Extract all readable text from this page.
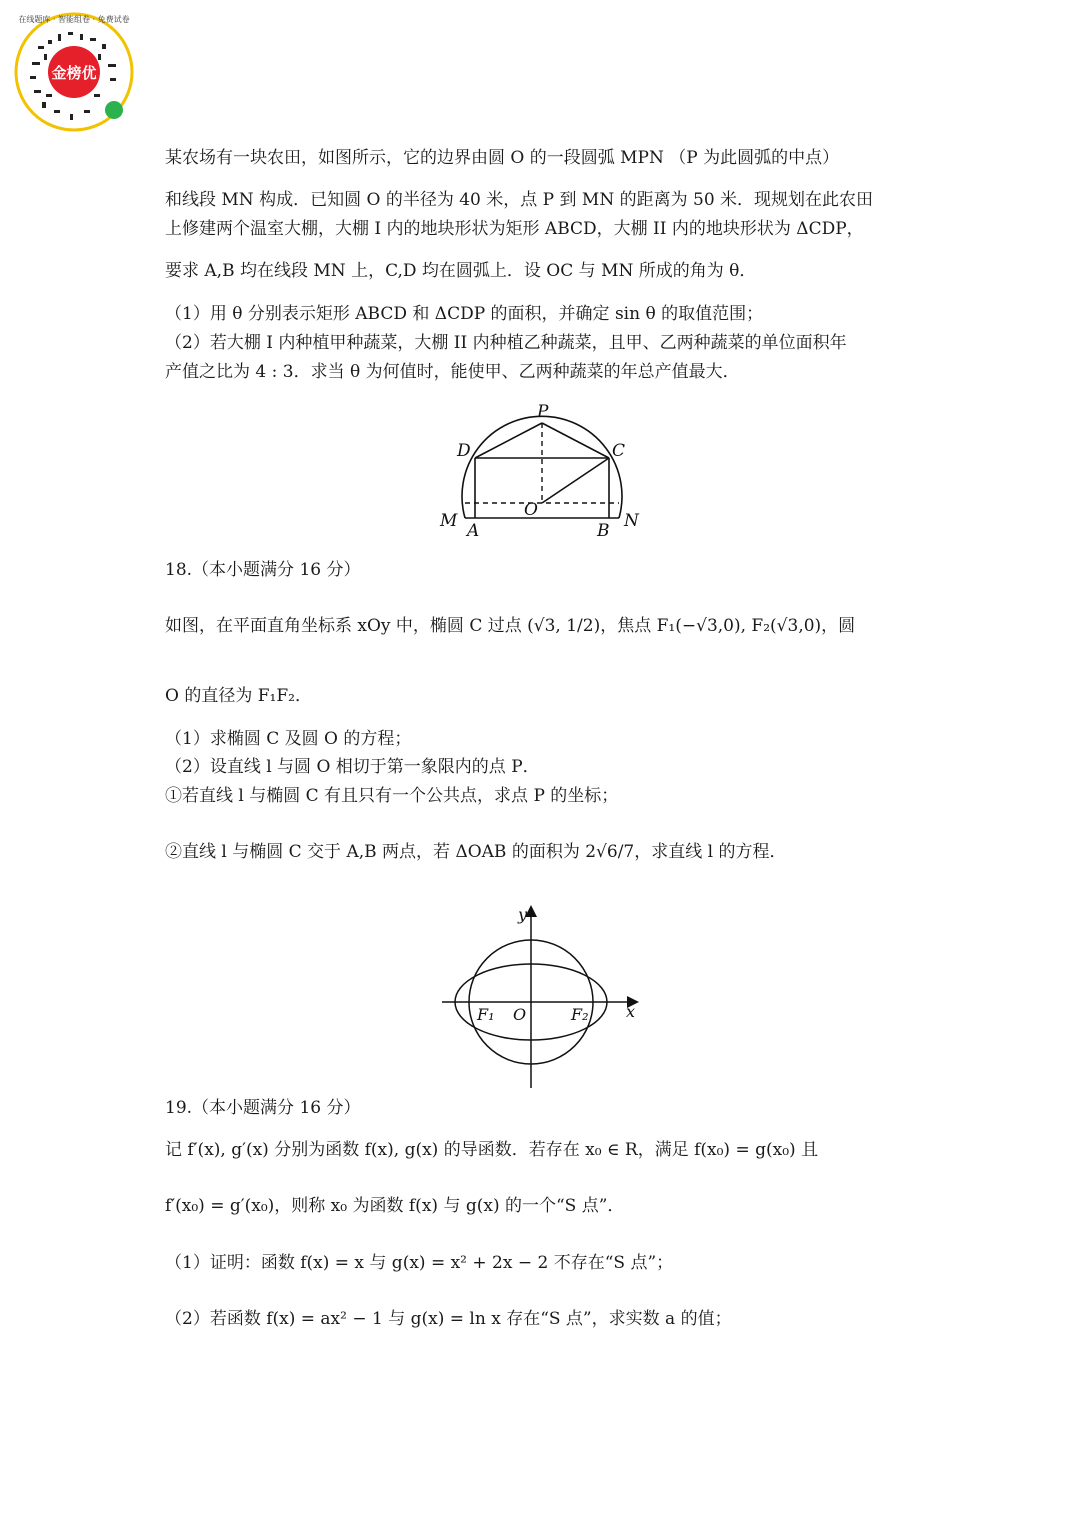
金榜优
在线题库 · 智能组卷 · 免费试卷
某农场有一块农田，如图所示，它的边界由圆 O 的一段圆弧 MPN （P 为此圆弧的中点）
和线段 MN 构成．已知圆 O 的半径为 40 米，点 P 到 MN 的距离为 50 米．现规划在此农田
上修建两个温室大棚，大棚 I 内的地块形状为矩形 ABCD，大棚 II 内的地块形状为 ΔCDP，
要求 A,B 均在线段 MN 上，C,D 均在圆弧上．设 OC 与 MN 所成的角为 θ．
（1）用 θ 分别表示矩形 ABCD 和 ΔCDP 的面积，并确定 sin θ 的取值范围；
（2）若大棚 I 内种植甲种蔬菜，大棚 II 内种植乙种蔬菜，且甲、乙两种蔬菜的单位面积年
产值之比为 4 : 3．求当 θ 为何值时，能使甲、乙两种蔬菜的年总产值最大．
P
D	C
O
M A	B N
18.（本小题满分 16 分）
如图，在平面直角坐标系 xOy 中，椭圆 C 过点 (√3, 1/2)，焦点 F₁(−√3,0), F₂(√3,0)，圆
O 的直径为 F₁F₂．
（1）求椭圆 C 及圆 O 的方程；
（2）设直线 l 与圆 O 相切于第一象限内的点 P．
①若直线 l 与椭圆 C 有且只有一个公共点，求点 P 的坐标；
②直线 l 与椭圆 C 交于 A,B 两点，若 ΔOAB 的面积为 2√6/7，求直线 l 的方程．
y
x
O
F₁	F₂
19.（本小题满分 16 分）
记 f′(x), g′(x) 分别为函数 f(x), g(x) 的导函数．若存在 x₀ ∈ R，满足 f(x₀) = g(x₀) 且
f′(x₀) = g′(x₀)，则称 x₀ 为函数 f(x) 与 g(x) 的一个“S 点”．
（1）证明：函数 f(x) = x 与 g(x) = x² + 2x − 2 不存在“S 点”；
（2）若函数 f(x) = ax² − 1 与 g(x) = ln x 存在“S 点”，求实数 a 的值；
